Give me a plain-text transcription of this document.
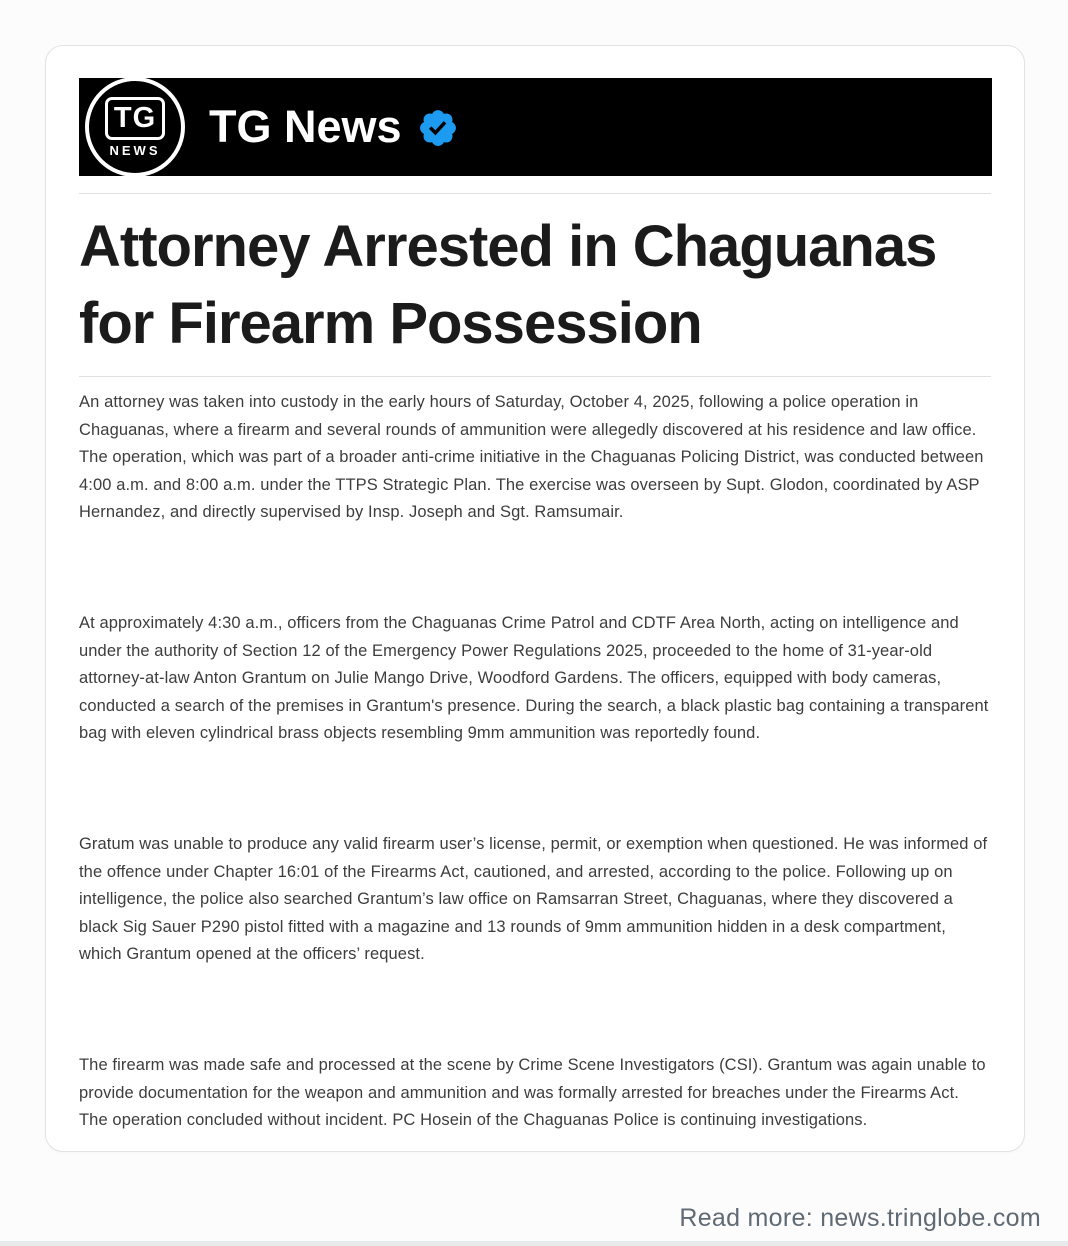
TG
NEWS TG News
Attorney Arrested in Chaguanas for Firearm Possession

An attorney was taken into custody in the early hours of Saturday, October 4, 2025, following a police operation in Chaguanas, where a firearm and several rounds of ammunition were allegedly discovered at his residence and law office. The operation, which was part of a broader anti-crime initiative in the Chaguanas Policing District, was conducted between 4:00 a.m. and 8:00 a.m. under the TTPS Strategic Plan. The exercise was overseen by Supt. Glodon, coordinated by ASP Hernandez, and directly supervised by Insp. Joseph and Sgt. Ramsumair.

At approximately 4:30 a.m., officers from the Chaguanas Crime Patrol and CDTF Area North, acting on intelligence and under the authority of Section 12 of the Emergency Power Regulations 2025, proceeded to the home of 31-year-old attorney-at-law Anton Grantum on Julie Mango Drive, Woodford Gardens. The officers, equipped with body cameras, conducted a search of the premises in Grantum's presence. During the search, a black plastic bag containing a transparent bag with eleven cylindrical brass objects resembling 9mm ammunition was reportedly found.

Gratum was unable to produce any valid firearm user’s license, permit, or exemption when questioned. He was informed of the offence under Chapter 16:01 of the Firearms Act, cautioned, and arrested, according to the police. Following up on intelligence, the police also searched Grantum’s law office on Ramsarran Street, Chaguanas, where they discovered a black Sig Sauer P290 pistol fitted with a magazine and 13 rounds of 9mm ammunition hidden in a desk compartment, which Grantum opened at the officers’ request.

The firearm was made safe and processed at the scene by Crime Scene Investigators (CSI). Grantum was again unable to provide documentation for the weapon and ammunition and was formally arrested for breaches under the Firearms Act. The operation concluded without incident. PC Hosein of the Chaguanas Police is continuing investigations.

Read more: news.tringlobe.com
